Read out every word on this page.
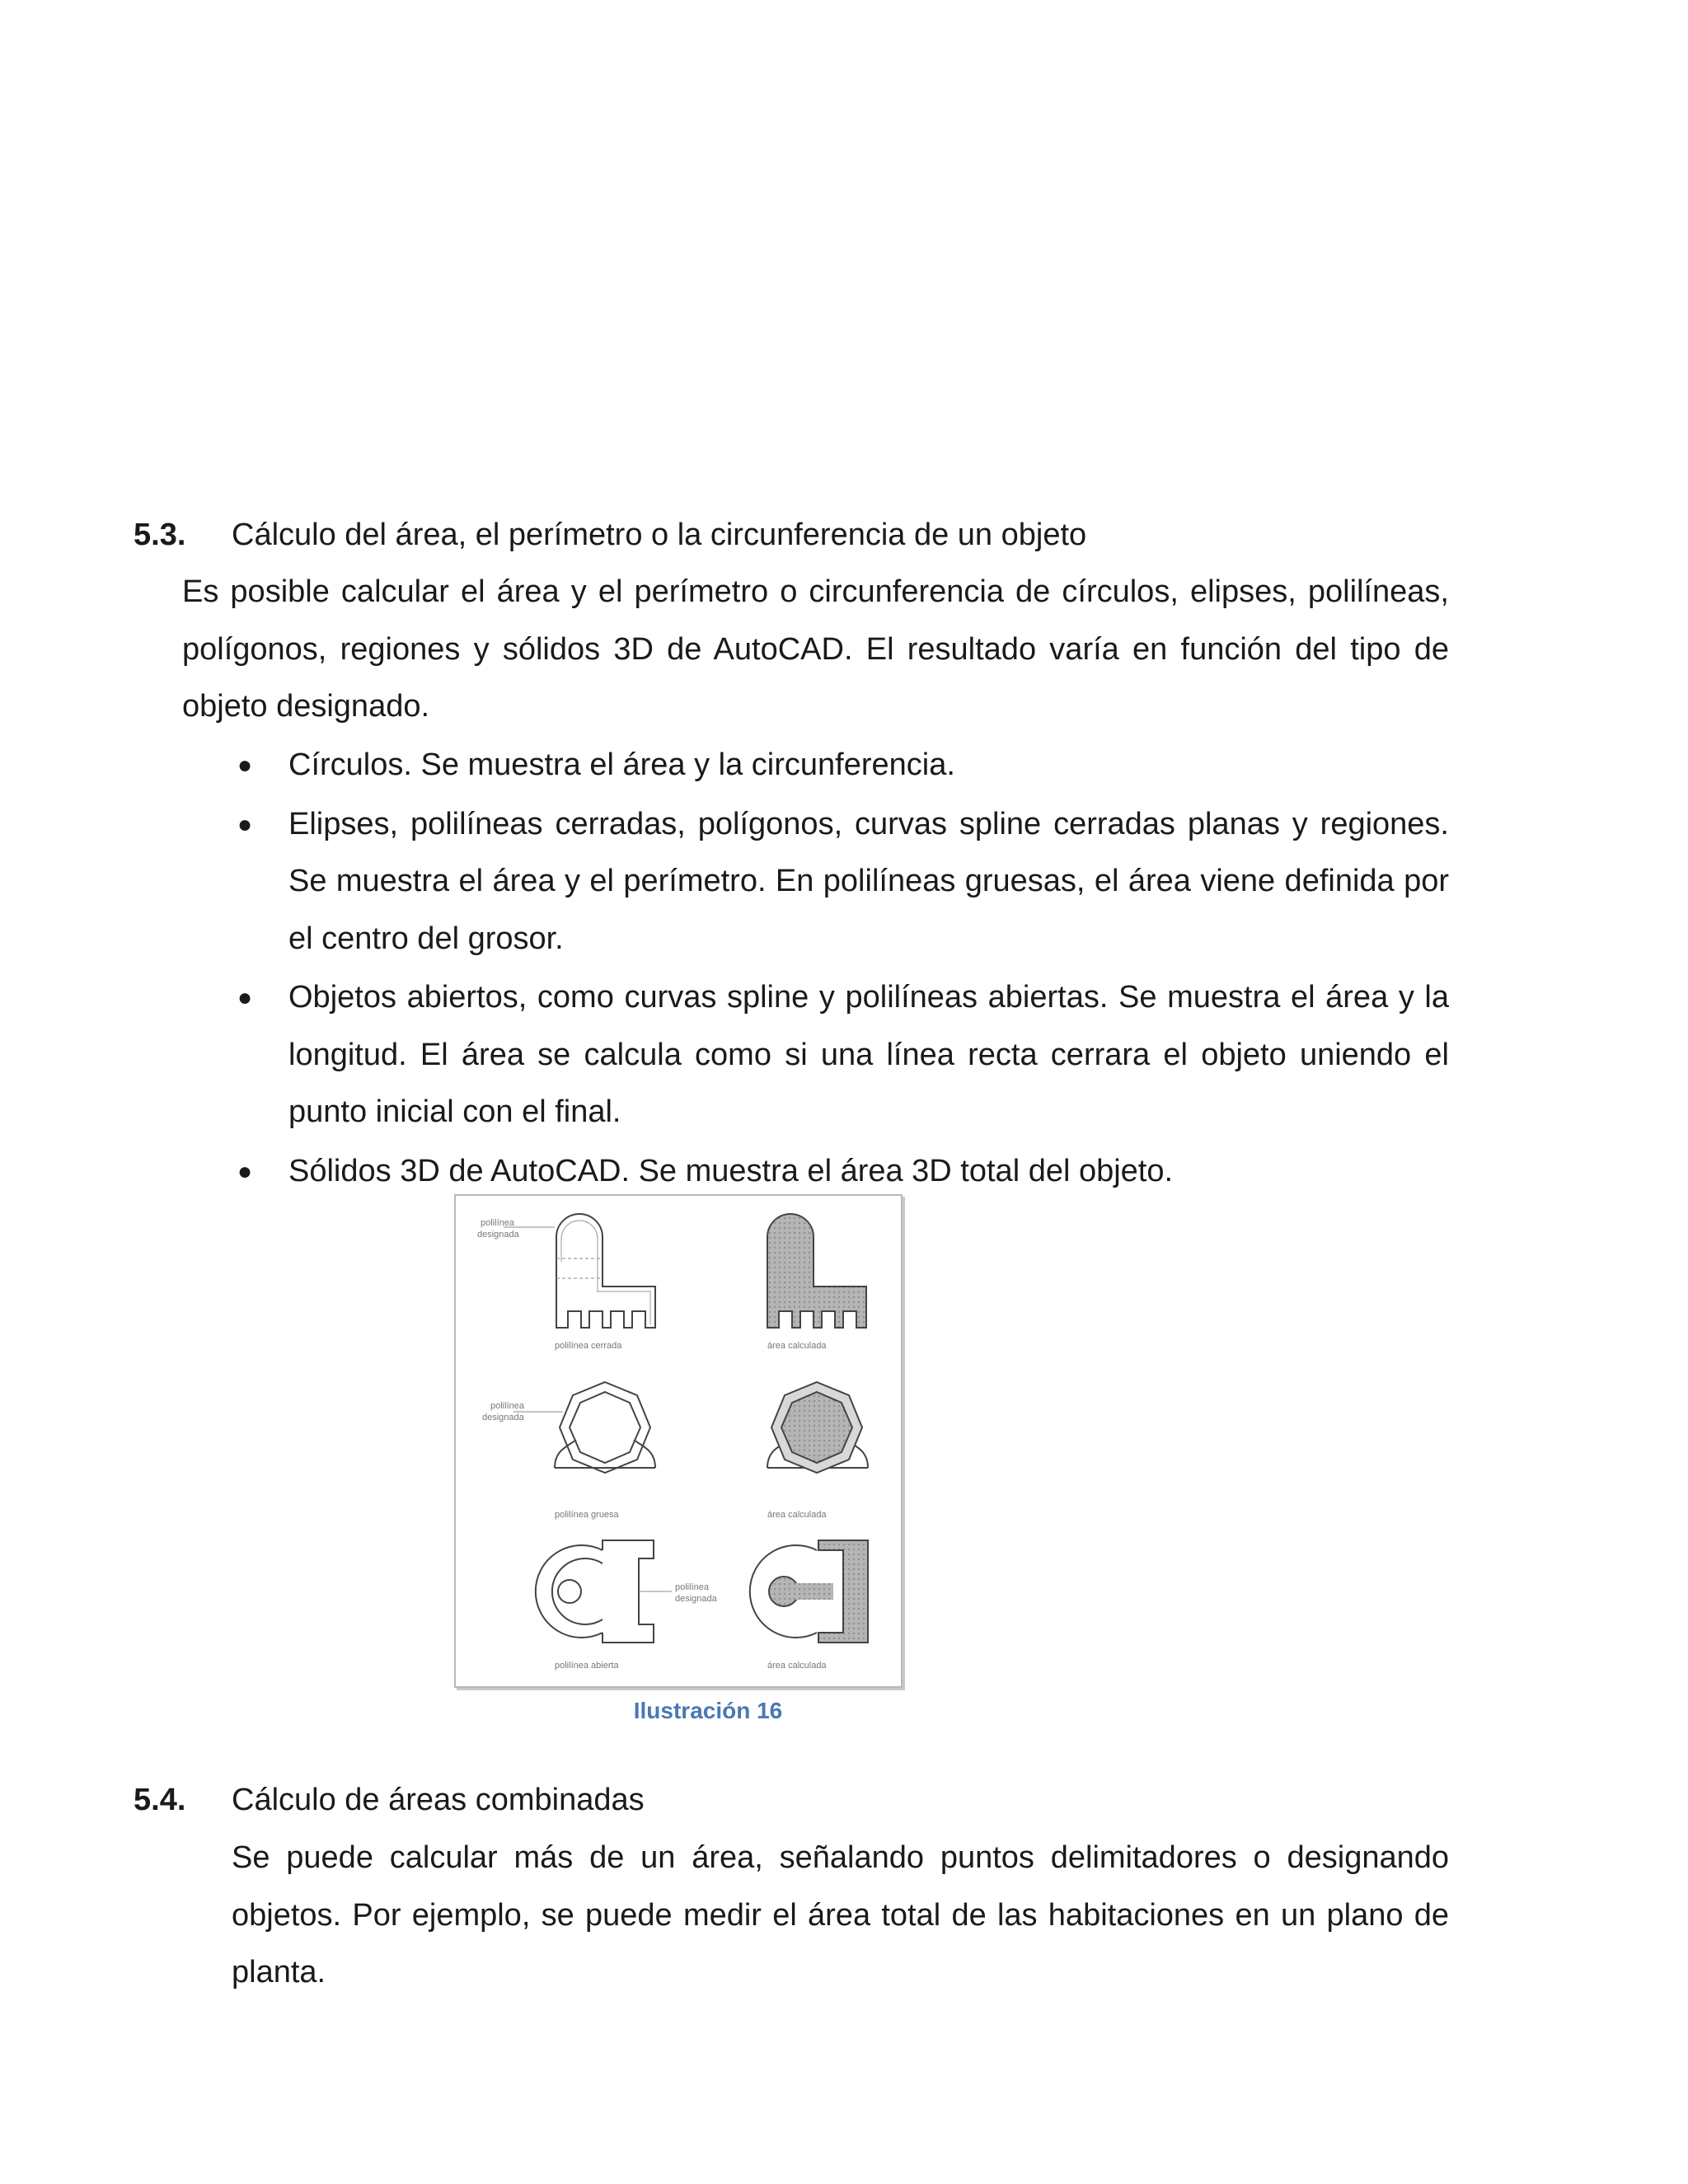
5.3. Cálculo del área, el perímetro o la circunferencia de un objeto
Es posible calcular el área y el perímetro o circunferencia de círculos, elipses, polilíneas, polígonos, regiones y sólidos 3D de AutoCAD. El resultado varía en función del tipo de objeto designado.
● Círculos. Se muestra el área y la circunferencia.
● Elipses, polilíneas cerradas, polígonos, curvas spline cerradas planas y regiones. Se muestra el área y el perímetro. En polilíneas gruesas, el área viene definida por el centro del grosor.
● Objetos abiertos, como curvas spline y polilíneas abiertas. Se muestra el área y la longitud. El área se calcula como si una línea recta cerrara el objeto uniendo el punto inicial con el final.
● Sólidos 3D de AutoCAD. Se muestra el área 3D total del objeto.
polilínea
designada
polilínea cerrada	área calculada
polilínea
designada
polilínea gruesa	área calculada
polilínea
designada
polilínea abierta	área calculada
Ilustración 16
5.4. Cálculo de áreas combinadas
Se puede calcular más de un área, señalando puntos delimitadores o designando objetos. Por ejemplo, se puede medir el área total de las habitaciones en un plano de planta.
